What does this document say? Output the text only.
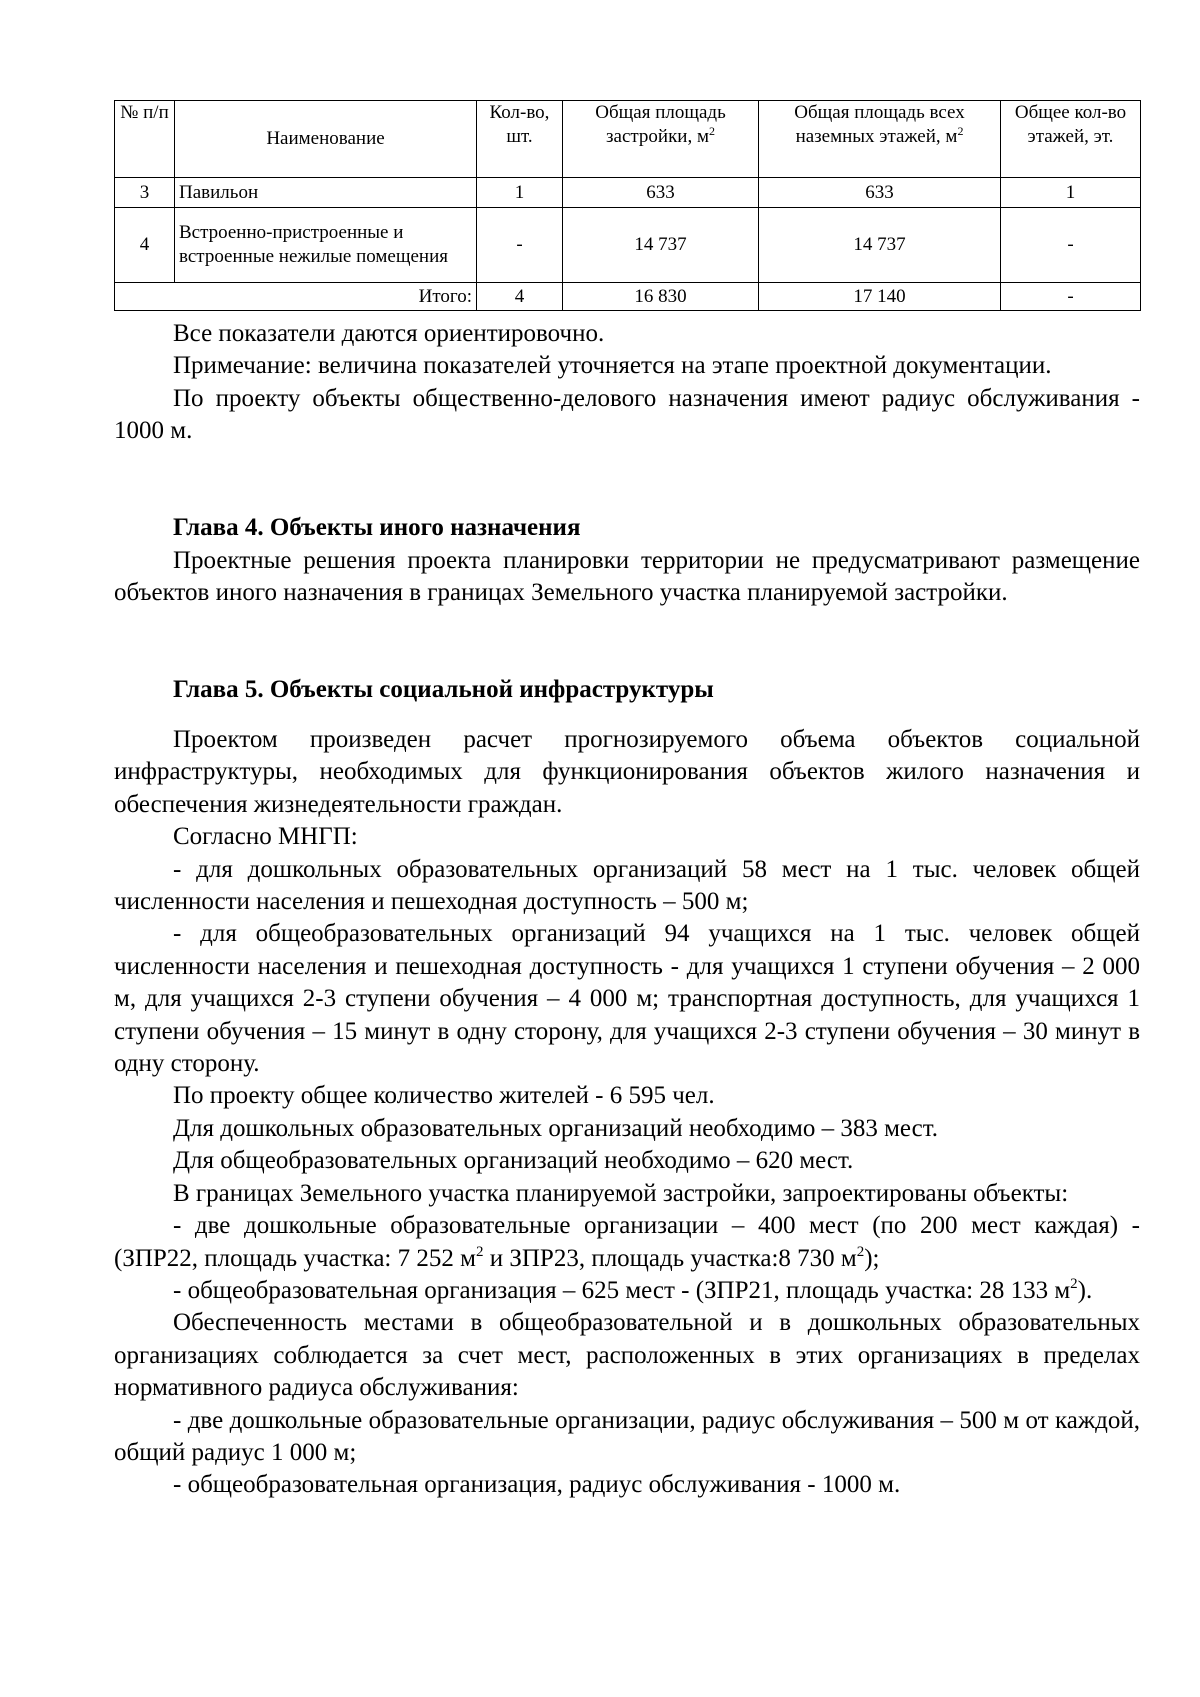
№ п/п	Наименование	Кол-во, шт.	Общая площадь застройки, $м^2$	Общая площадь всех наземных этажей, $м^2$	Общее кол-во этажей, эт.
3	Павильон	1	633	633	1
4	Встроенно-пристроенные и встроенные нежилые помещения	-	14 737	14 737	-
Итого:		4	16 830	17 140	-

Все показатели даются ориентировочно.

Примечание: величина показателей уточняется на этапе проектной документации.

По проекту объекты общественно-делового назначения имеют радиус обслуживания - 1000 м.

Глава 4. Объекты иного назначения

Проектные решения проекта планировки территории не предусматривают размещение объектов иного назначения в границах Земельного участка планируемой застройки.

Глава 5. Объекты социальной инфраструктуры

Проектом произведен расчет прогнозируемого объема объектов социальной инфраструктуры, необходимых для функционирования объектов жилого назначения и обеспечения жизнедеятельности граждан.

Согласно МНГП:

- для дошкольных образовательных организаций 58 мест на 1 тыс. человек общей численности населения и пешеходная доступность – 500 м;

- для общеобразовательных организаций 94 учащихся на 1 тыс. человек общей численности населения и пешеходная доступность - для учащихся 1 ступени обучения – 2 000 м, для учащихся 2-3 ступени обучения – 4 000 м; транспортная доступность, для учащихся 1 ступени обучения – 15 минут в одну сторону, для учащихся 2-3 ступени обучения – 30 минут в одну сторону.

По проекту общее количество жителей - 6 595 чел.

Для дошкольных образовательных организаций необходимо – 383 мест.

Для общеобразовательных организаций необходимо – 620 мест.

В границах Земельного участка планируемой застройки, запроектированы объекты:

- две дошкольные образовательные организации – 400 мест (по 200 мест каждая) - (ЗПР22, площадь участка: 7 252 $м^2$ и ЗПР23, площадь участка:8 730 $м^2$);

- общеобразовательная организация – 625 мест - (ЗПР21, площадь участка: 28 133 $м^2$).

Обеспеченность местами в общеобразовательной и в дошкольных образовательных организациях соблюдается за счет мест, расположенных в этих организациях в пределах нормативного радиуса обслуживания:

- две дошкольные образовательные организации, радиус обслуживания – 500 м от каждой, общий радиус 1 000 м;

- общеобразовательная организация, радиус обслуживания - 1000 м.
